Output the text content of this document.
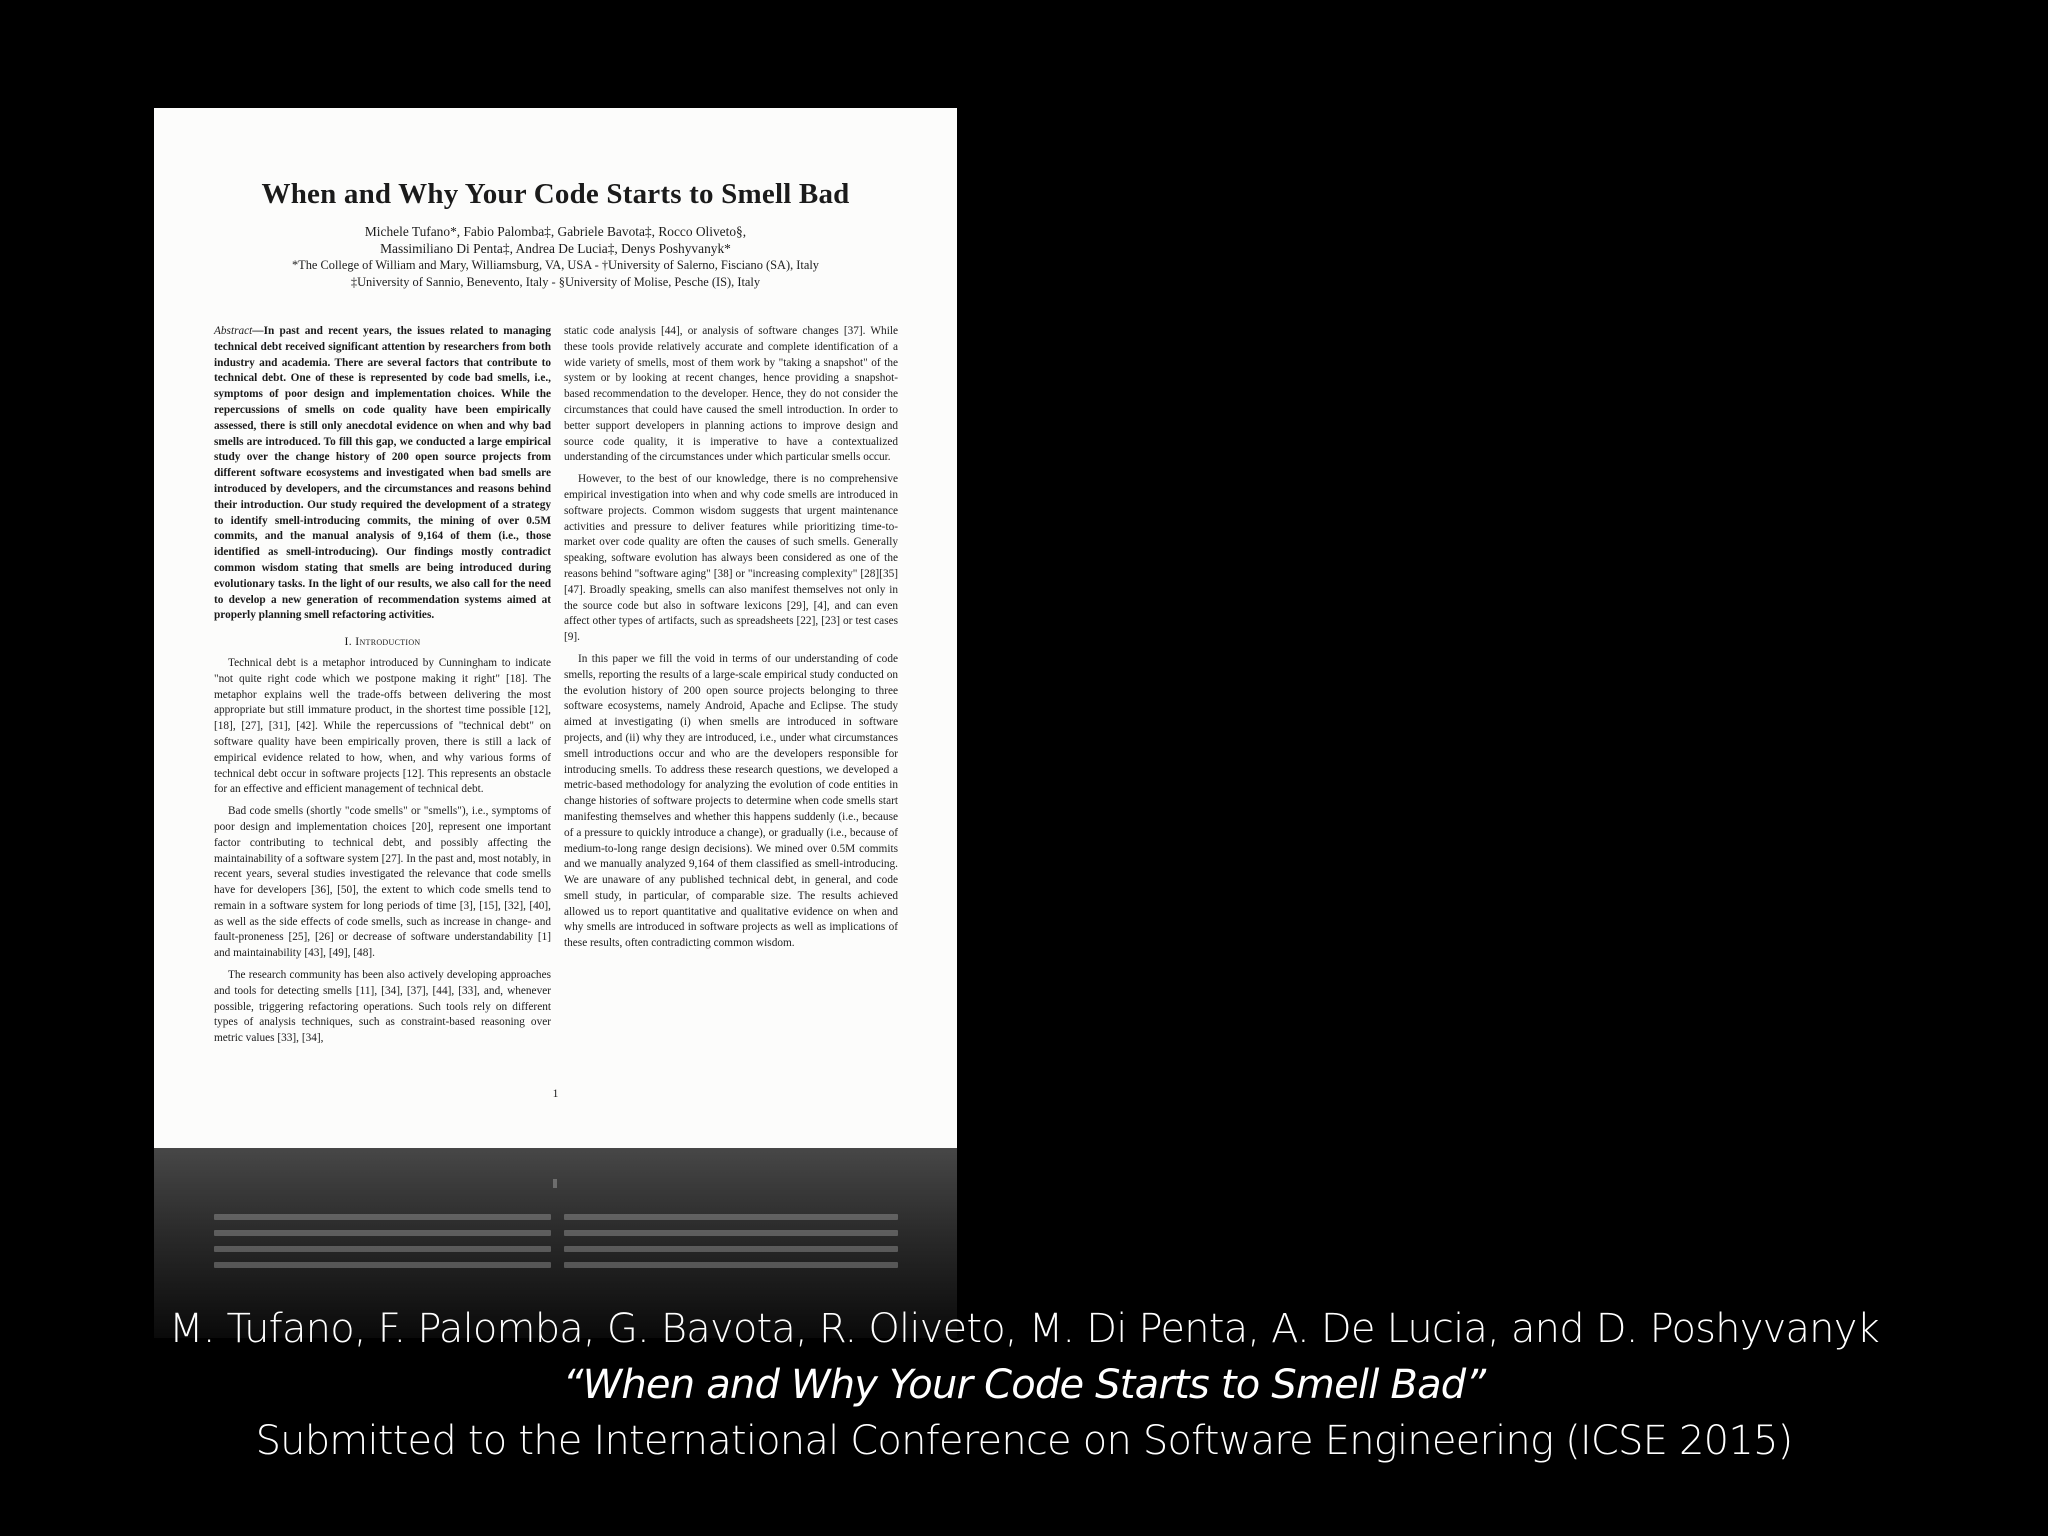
When and Why Your Code Starts to Smell Bad
Michele Tufano*, Fabio Palomba‡, Gabriele Bavota‡, Rocco Oliveto§,
Massimiliano Di Penta‡, Andrea De Lucia‡, Denys Poshyvanyk*
*The College of William and Mary, Williamsburg, VA, USA - †University of Salerno, Fisciano (SA), Italy
‡University of Sannio, Benevento, Italy - §University of Molise, Pesche (IS), Italy

Abstract—In past and recent years, the issues related to managing technical debt received significant attention by researchers from both industry and academia. There are several factors that contribute to technical debt. One of these is represented by code bad smells, i.e., symptoms of poor design and implementation choices. While the repercussions of smells on code quality have been empirically assessed, there is still only anecdotal evidence on when and why bad smells are introduced. To fill this gap, we conducted a large empirical study over the change history of 200 open source projects from different software ecosystems and investigated when bad smells are introduced by developers, and the circumstances and reasons behind their introduction. Our study required the development of a strategy to identify smell-introducing commits, the mining of over 0.5M commits, and the manual analysis of 9,164 of them (i.e., those identified as smell-introducing). Our findings mostly contradict common wisdom stating that smells are being introduced during evolutionary tasks. In the light of our results, we also call for the need to develop a new generation of recommendation systems aimed at properly planning smell refactoring activities.

I. Introduction

Technical debt is a metaphor introduced by Cunningham to indicate "not quite right code which we postpone making it right" [18]. The metaphor explains well the trade-offs between delivering the most appropriate but still immature product, in the shortest time possible [12], [18], [27], [31], [42]. While the repercussions of "technical debt" on software quality have been empirically proven, there is still a lack of empirical evidence related to how, when, and why various forms of technical debt occur in software projects [12]. This represents an obstacle for an effective and efficient management of technical debt.

Bad code smells (shortly "code smells" or "smells"), i.e., symptoms of poor design and implementation choices [20], represent one important factor contributing to technical debt, and possibly affecting the maintainability of a software system [27]. In the past and, most notably, in recent years, several studies investigated the relevance that code smells have for developers [36], [50], the extent to which code smells tend to remain in a software system for long periods of time [3], [15], [32], [40], as well as the side effects of code smells, such as increase in change- and fault-proneness [25], [26] or decrease of software understandability [1] and maintainability [43], [49], [48].

The research community has been also actively developing approaches and tools for detecting smells [11], [34], [37], [44], [33], and, whenever possible, triggering refactoring operations. Such tools rely on different types of analysis techniques, such as constraint-based reasoning over metric values [33], [34],

static code analysis [44], or analysis of software changes [37]. While these tools provide relatively accurate and complete identification of a wide variety of smells, most of them work by "taking a snapshot" of the system or by looking at recent changes, hence providing a snapshot-based recommendation to the developer. Hence, they do not consider the circumstances that could have caused the smell introduction. In order to better support developers in planning actions to improve design and source code quality, it is imperative to have a contextualized understanding of the circumstances under which particular smells occur.

However, to the best of our knowledge, there is no comprehensive empirical investigation into when and why code smells are introduced in software projects. Common wisdom suggests that urgent maintenance activities and pressure to deliver features while prioritizing time-to-market over code quality are often the causes of such smells. Generally speaking, software evolution has always been considered as one of the reasons behind "software aging" [38] or "increasing complexity" [28][35][47]. Broadly speaking, smells can also manifest themselves not only in the source code but also in software lexicons [29], [4], and can even affect other types of artifacts, such as spreadsheets [22], [23] or test cases [9].

In this paper we fill the void in terms of our understanding of code smells, reporting the results of a large-scale empirical study conducted on the evolution history of 200 open source projects belonging to three software ecosystems, namely Android, Apache and Eclipse. The study aimed at investigating (i) when smells are introduced in software projects, and (ii) why they are introduced, i.e., under what circumstances smell introductions occur and who are the developers responsible for introducing smells. To address these research questions, we developed a metric-based methodology for analyzing the evolution of code entities in change histories of software projects to determine when code smells start manifesting themselves and whether this happens suddenly (i.e., because of a pressure to quickly introduce a change), or gradually (i.e., because of medium-to-long range design decisions). We mined over 0.5M commits and we manually analyzed 9,164 of them classified as smell-introducing. We are unaware of any published technical debt, in general, and code smell study, in particular, of comparable size. The results achieved allowed us to report quantitative and qualitative evidence on when and why smells are introduced in software projects as well as implications of these results, often contradicting common wisdom.

1
M. Tufano, F. Palomba, G. Bavota, R. Oliveto, M. Di Penta, A. De Lucia, and D. Poshyvanyk
“When and Why Your Code Starts to Smell Bad”
Submitted to the International Conference on Software Engineering (ICSE 2015)
